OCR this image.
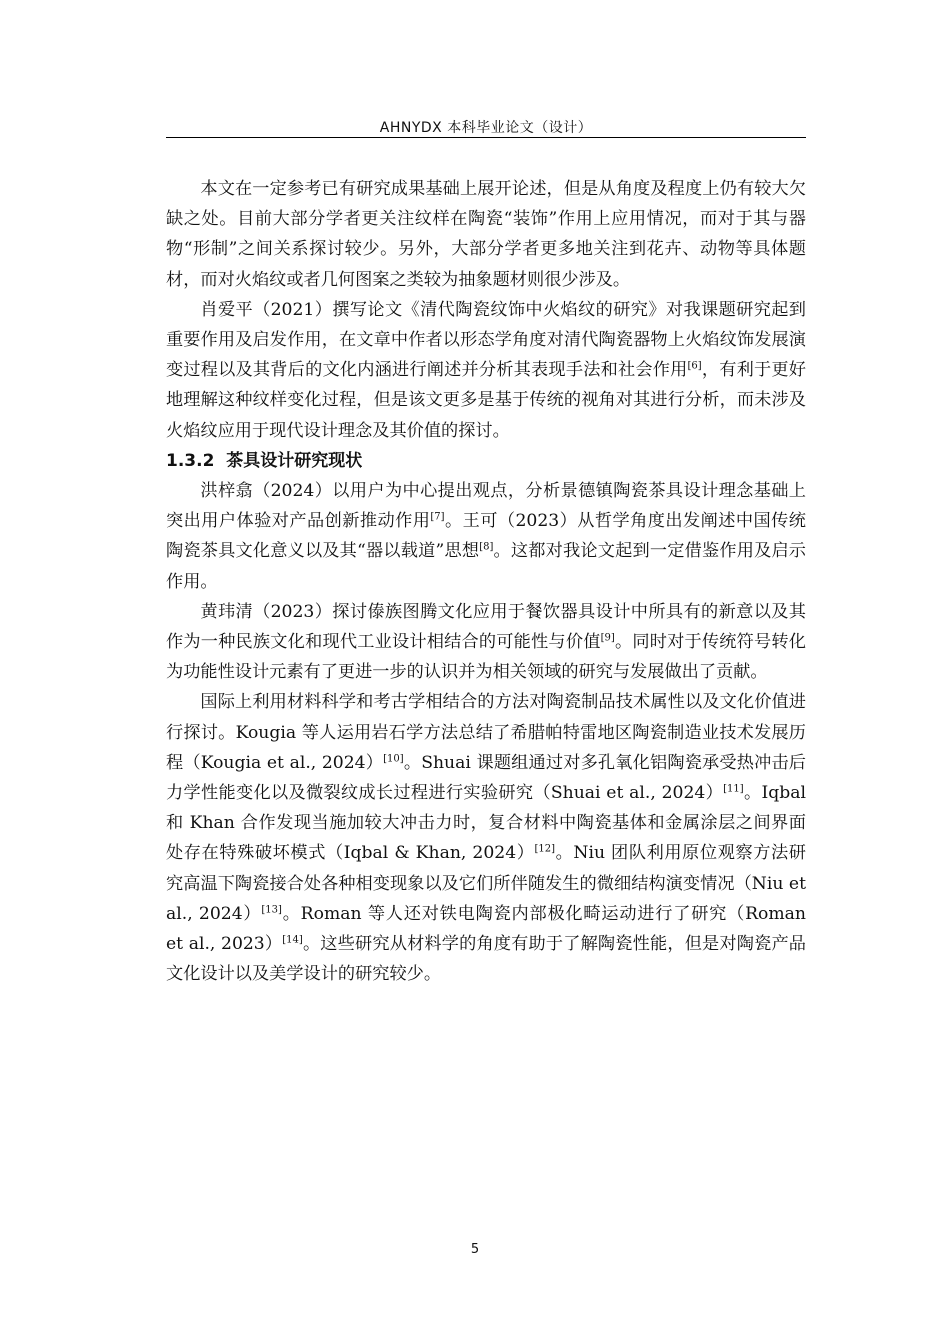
AHNYDX 本科毕业论文（设计）

本文在一定参考已有研究成果基础上展开论述，但是从角度及程度上仍有较大欠缺之处。目前大部分学者更关注纹样在陶瓷“装饰”作用上应用情况，而对于其与器物“形制”之间关系探讨较少。另外，大部分学者更多地关注到花卉、动物等具体题材，而对火焰纹或者几何图案之类较为抽象题材则很少涉及。

肖爱平（2021）撰写论文《清代陶瓷纹饰中火焰纹的研究》对我课题研究起到重要作用及启发作用，在文章中作者以形态学角度对清代陶瓷器物上火焰纹饰发展演变过程以及其背后的文化内涵进行阐述并分析其表现手法和社会作用[6]，有利于更好地理解这种纹样变化过程，但是该文更多是基于传统的视角对其进行分析，而未涉及火焰纹应用于现代设计理念及其价值的探讨。

1.3.2 茶具设计研究现状

洪梓翕（2024）以用户为中心提出观点，分析景德镇陶瓷茶具设计理念基础上突出用户体验对产品创新推动作用[7]。王可（2023）从哲学角度出发阐述中国传统陶瓷茶具文化意义以及其“器以载道”思想[8]。这都对我论文起到一定借鉴作用及启示作用。

黄玮清（2023）探讨傣族图腾文化应用于餐饮器具设计中所具有的新意以及其作为一种民族文化和现代工业设计相结合的可能性与价值[9]。同时对于传统符号转化为功能性设计元素有了更进一步的认识并为相关领域的研究与发展做出了贡献。

国际上利用材料科学和考古学相结合的方法对陶瓷制品技术属性以及文化价值进行探讨。Kougia 等人运用岩石学方法总结了希腊帕特雷地区陶瓷制造业技术发展历程（Kougia et al., 2024）[10]。Shuai 课题组通过对多孔氧化铝陶瓷承受热冲击后力学性能变化以及微裂纹成长过程进行实验研究（Shuai et al., 2024）[11]。Iqbal 和 Khan 合作发现当施加较大冲击力时，复合材料中陶瓷基体和金属涂层之间界面处存在特殊破坏模式（Iqbal & Khan, 2024）[12]。Niu 团队利用原位观察方法研究高温下陶瓷接合处各种相变现象以及它们所伴随发生的微细结构演变情况（Niu et al., 2024）[13]。Roman 等人还对铁电陶瓷内部极化畸运动进行了研究（Roman et al., 2023）[14]。这些研究从材料学的角度有助于了解陶瓷性能，但是对陶瓷产品文化设计以及美学设计的研究较少。

5
